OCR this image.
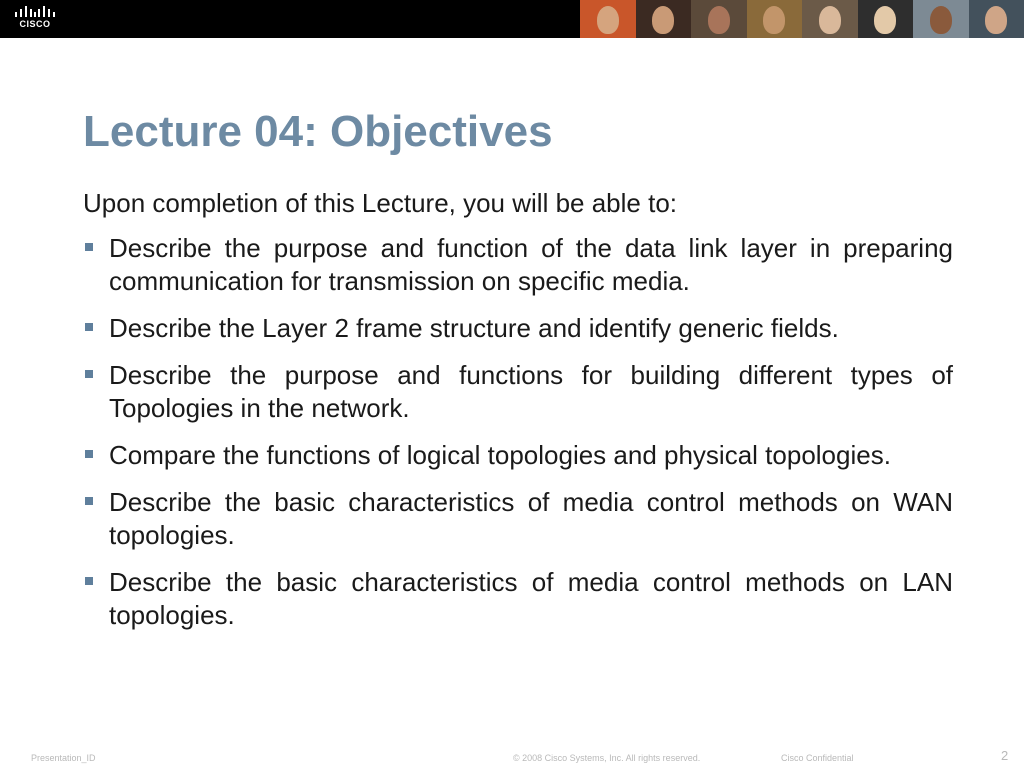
CISCO
Lecture 04: Objectives

Upon completion of this Lecture, you will be able to:

Describe the purpose and function of the data link layer in preparing communication for transmission on specific media.
Describe the Layer 2 frame structure and identify generic fields.
Describe the purpose and functions for building different types of Topologies in the network.
Compare the functions of logical topologies and physical topologies.
Describe the basic characteristics of media control methods on WAN topologies.
Describe the basic characteristics of media control methods on LAN topologies.
Presentation_ID	© 2008 Cisco Systems, Inc. All rights reserved.	Cisco Confidential	2
